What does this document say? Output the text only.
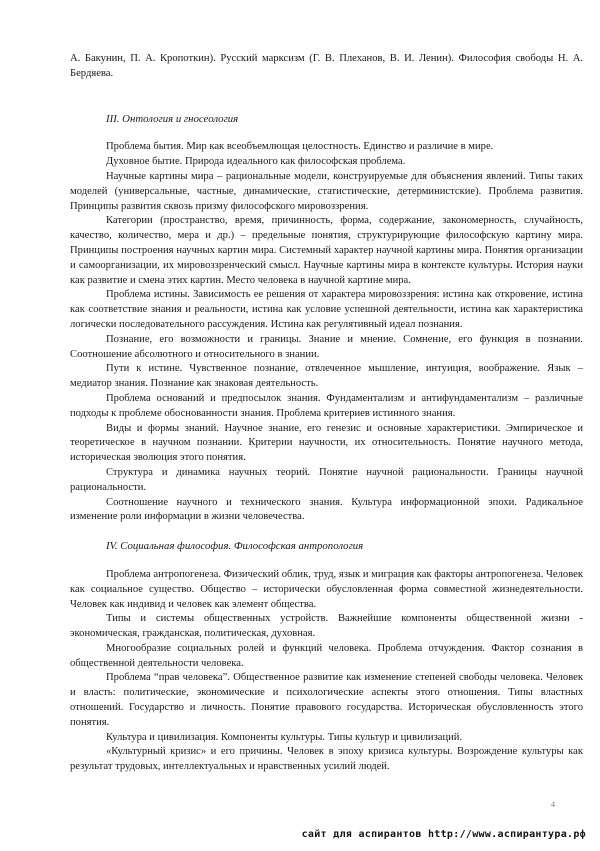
А. Бакунин, П. А. Кропоткин). Русский марксизм (Г. В. Плеханов, В. И. Ленин). Философия свободы Н. А. Бердяева.

III. Онтология и гносеология

Проблема бытия. Мир как всеобъемлющая целостность. Единство и различие в мире.

Духовное бытие. Природа идеального как философская проблема.

Научные картины мира – рациональные модели, конструируемые для объяснения явлений. Типы таких моделей (универсальные, частные, динамические, статистические, детерминистские). Проблема развития. Принципы развития сквозь призму философского мировоззрения.

Категории (пространство, время, причинность, форма, содержание, закономерность, случайность, качество, количество, мера и др.) – предельные понятия, структурирующие философскую картину мира. Принципы построения научных картин мира. Системный характер научной картины мира. Понятия организации и самоорганизации, их мировоззренческий смысл. Научные картины мира в контексте культуры. История науки как развитие и смена этих картин. Место человека в научной картине мира.

Проблема истины. Зависимость ее решения от характера мировоззрения: истина как откровение, истина как соответствие знания и реальности, истина как условие успешной деятельности, истина как характеристика логически последовательного рассуждения. Истина как регулятивный идеал познания.

Познание, его возможности и границы. Знание и мнение. Сомнение, его функция в познании. Соотношение абсолютного и относительного в знании.

Пути к истине. Чувственное познание, отвлеченное мышление, интуиция, воображение. Язык – медиатор знания. Познание как знаковая деятельность.

Проблема оснований и предпосылок знания. Фундаментализм и антифундаментализм – различные подходы к проблеме обоснованности знания. Проблема критериев истинного знания.

Виды и формы знаний. Научное знание, его генезис и основные характеристики. Эмпирическое и теоретическое в научном познании. Критерии научности, их относительность. Понятие научного метода, историческая эволюция этого понятия.

Структура и динамика научных теорий. Понятие научной рациональности. Границы научной рациональности.

Соотношение научного и технического знания. Культура информационной эпохи. Радикальное изменение роли информации в жизни человечества.

IV. Социальная философия. Философская антропология

Проблема антропогенеза. Физический облик, труд, язык и миграция как факторы антропогенеза. Человек как социальное существо. Общество – исторически обусловленная форма совместной жизнедеятельности. Человек как индивид и человек как элемент общества.

Типы и системы общественных устройств. Важнейшие компоненты общественной жизни - экономическая, гражданская, политическая, духовная.

Многообразие социальных ролей и функций человека. Проблема отчуждения. Фактор сознания в общественной деятельности человека.

Проблема “прав человека”. Общественное развитие как изменение степеней свободы человека. Человек и власть: политические, экономические и психологические аспекты этого отношения. Типы властных отношений. Государство и личность. Понятие правового государства. Историческая обусловленность этого понятия.

Культура и цивилизация. Компоненты культуры. Типы культур и цивилизаций.

«Культурный кризис» и его причины. Человек в эпоху кризиса культуры. Возрождение культуры как результат трудовых, интеллектуальных и нравственных усилий людей.

4
сайт для аспирантов http://www.аспирантура.рф
